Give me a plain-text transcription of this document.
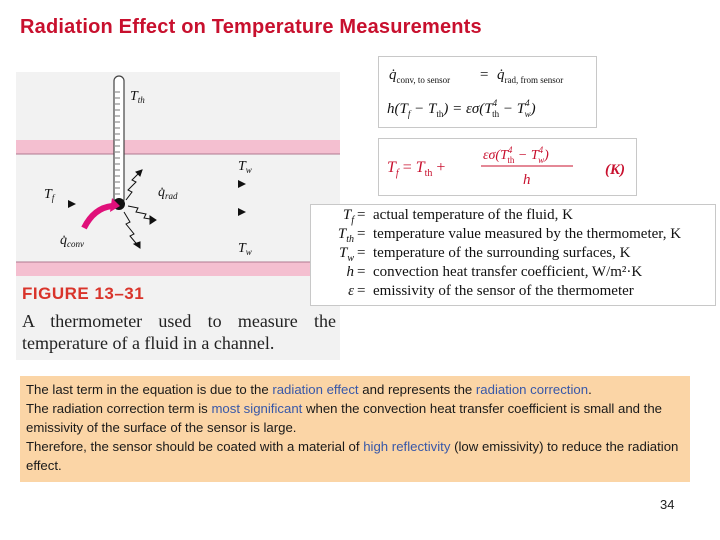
Radiation Effect on Temperature Measurements
$T_{th}$
$T_w$
$T_w$
$T_f$	$q̇_{rad}$
$q̇_{conv}$
FIGURE 13–31
A thermometer used to measure the temperature of a fluid in a channel.
$q̇_{conv, to sensor}$ = $q̇_{rad, from sensor}$
$h(T_f - T_{th}) = \varepsilon\sigma(T^4$ th − $T^4$ w)
$T_f = T_{th}$ +
$\varepsilon\sigma(T^4$ th − $T^4$ w)
h
(K)
$T_f$ = actual temperature of the fluid, K
$T_{th}$ = temperature value measured by the thermometer, K
$T_w$ = temperature of the surrounding surfaces, K
h = convection heat transfer coefficient, W/m²·K
ε = emissivity of the sensor of the thermometer

The last term in the equation is due to the radiation effect and represents the radiation correction.

The radiation correction term is most significant when the convection heat transfer coefficient is small and the emissivity of the surface of the sensor is large.

Therefore, the sensor should be coated with a material of high reflectivity (low emissivity) to reduce the radiation effect.

34
